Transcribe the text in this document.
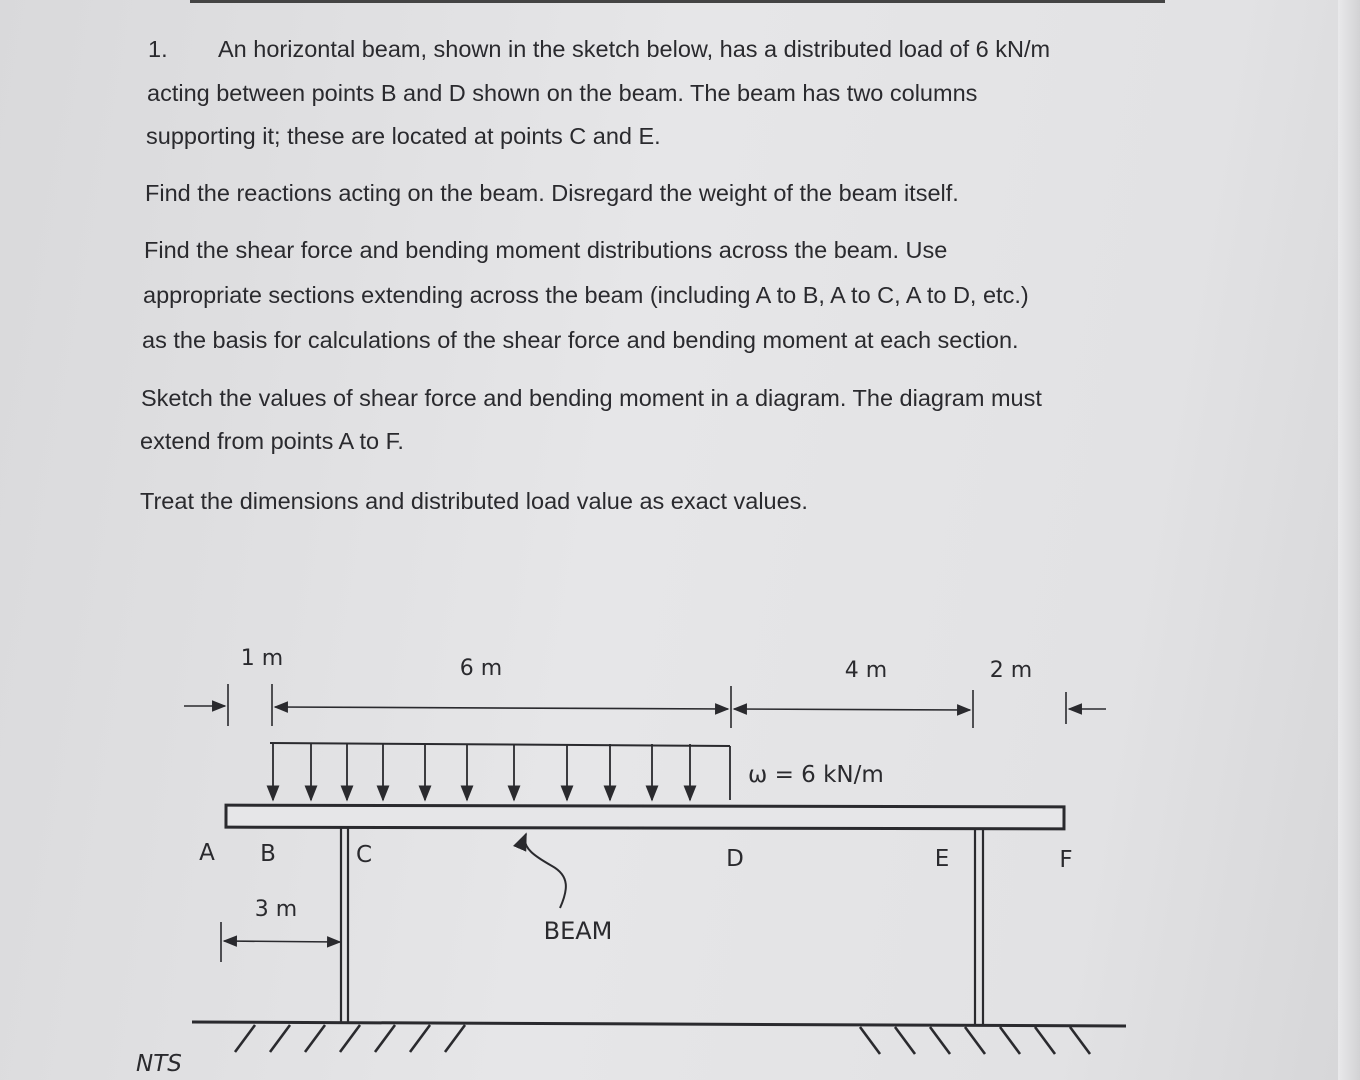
1. An horizontal beam, shown in the sketch below, has a distributed load of 6 kN/m
acting between points B and D shown on the beam. The beam has two columns
supporting it; these are located at points C and E.
Find the reactions acting on the beam. Disregard the weight of the beam itself.
Find the shear force and bending moment distributions across the beam. Use
appropriate sections extending across the beam (including A to B, A to C, A to D, etc.)
as the basis for calculations of the shear force and bending moment at each section.
Sketch the values of shear force and bending moment in a diagram. The diagram must
extend from points A to F.
Treat the dimensions and distributed load value as exact values.
1 m	6 m	4 m	2 m
ω = 6 kN/m
A B	C	D	E	F
3 m
BEAM
NTS
